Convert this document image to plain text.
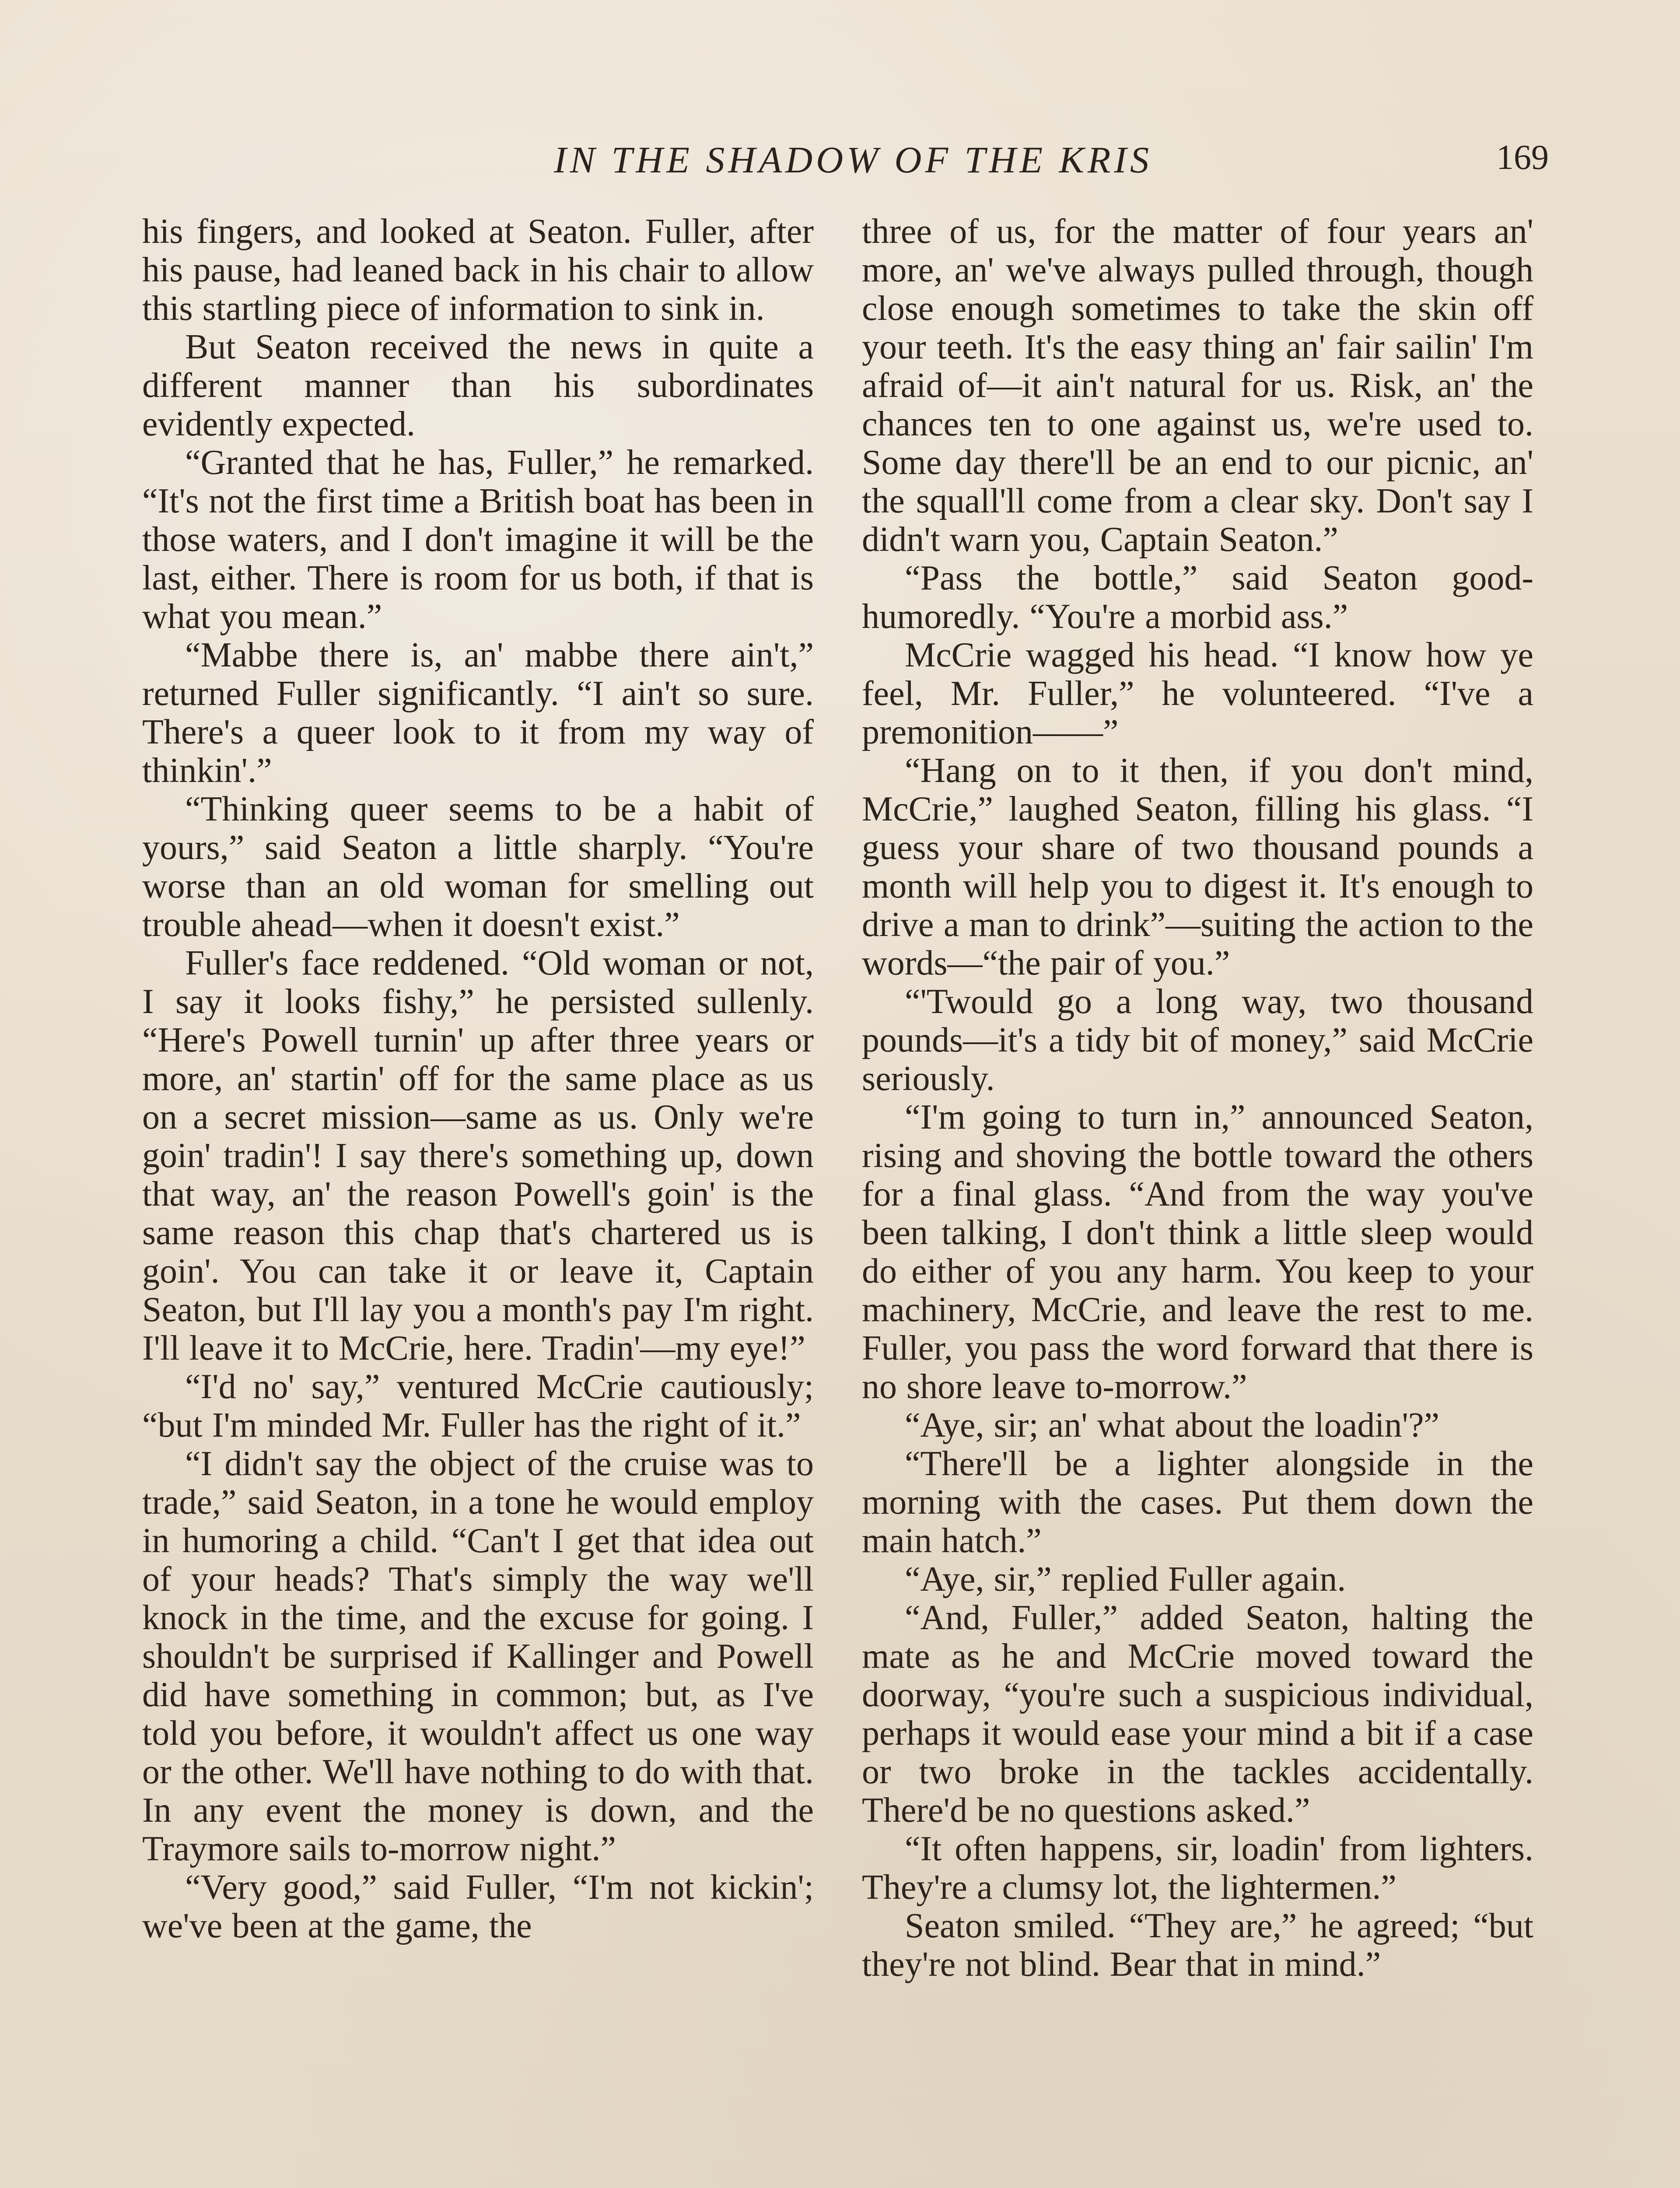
IN THE SHADOW OF THE KRIS	169

his fingers, and looked at Seaton. Fuller, after his pause, had leaned back in his chair to allow this startling piece of information to sink in.

But Seaton received the news in quite a different manner than his subordinates evidently expected.

“Granted that he has, Fuller,” he remarked. “It's not the first time a British boat has been in those waters, and I don't imagine it will be the last, either. There is room for us both, if that is what you mean.”

“Mabbe there is, an' mabbe there ain't,” returned Fuller significantly. “I ain't so sure. There's a queer look to it from my way of thinkin'.”

“Thinking queer seems to be a habit of yours,” said Seaton a little sharply. “You're worse than an old woman for smelling out trouble ahead—when it doesn't exist.”

Fuller's face reddened. “Old woman or not, I say it looks fishy,” he persisted sullenly. “Here's Powell turnin' up after three years or more, an' startin' off for the same place as us on a secret mission—same as us. Only we're goin' tradin'! I say there's something up, down that way, an' the reason Powell's goin' is the same reason this chap that's chartered us is goin'. You can take it or leave it, Captain Seaton, but I'll lay you a month's pay I'm right. I'll leave it to McCrie, here. Tradin'—my eye!”

“I'd no' say,” ventured McCrie cautiously; “but I'm minded Mr. Fuller has the right of it.”

“I didn't say the object of the cruise was to trade,” said Seaton, in a tone he would employ in humoring a child. “Can't I get that idea out of your heads? That's simply the way we'll knock in the time, and the excuse for going. I shouldn't be surprised if Kallinger and Powell did have something in common; but, as I've told you before, it wouldn't affect us one way or the other. We'll have nothing to do with that. In any event the money is down, and the Traymore sails to-morrow night.”

“Very good,” said Fuller, “I'm not kickin'; we've been at the game, the

three of us, for the matter of four years an' more, an' we've always pulled through, though close enough sometimes to take the skin off your teeth. It's the easy thing an' fair sailin' I'm afraid of—it ain't natural for us. Risk, an' the chances ten to one against us, we're used to. Some day there'll be an end to our picnic, an' the squall'll come from a clear sky. Don't say I didn't warn you, Captain Seaton.”

“Pass the bottle,” said Seaton good-humoredly. “You're a morbid ass.”

McCrie wagged his head. “I know how ye feel, Mr. Fuller,” he volunteered. “I've a premonition——”

“Hang on to it then, if you don't mind, McCrie,” laughed Seaton, filling his glass. “I guess your share of two thousand pounds a month will help you to digest it. It's enough to drive a man to drink”—suiting the action to the words—“the pair of you.”

“'Twould go a long way, two thousand pounds—it's a tidy bit of money,” said McCrie seriously.

“I'm going to turn in,” announced Seaton, rising and shoving the bottle toward the others for a final glass. “And from the way you've been talking, I don't think a little sleep would do either of you any harm. You keep to your machinery, McCrie, and leave the rest to me. Fuller, you pass the word forward that there is no shore leave to-morrow.”

“Aye, sir; an' what about the loadin'?”

“There'll be a lighter alongside in the morning with the cases. Put them down the main hatch.”

“Aye, sir,” replied Fuller again.

“And, Fuller,” added Seaton, halting the mate as he and McCrie moved toward the doorway, “you're such a suspicious individual, perhaps it would ease your mind a bit if a case or two broke in the tackles accidentally. There'd be no questions asked.”

“It often happens, sir, loadin' from lighters. They're a clumsy lot, the lightermen.”

Seaton smiled. “They are,” he agreed; “but they're not blind. Bear that in mind.”
